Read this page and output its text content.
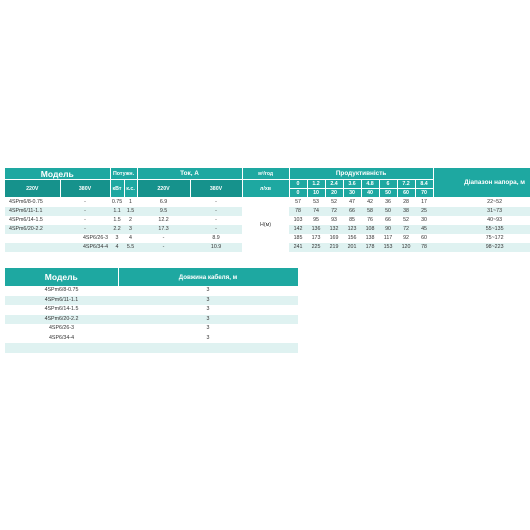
Модель		Потужн.		Ток, А		м³/год	Продуктивність								Діапазон напора, м
220V	380V	кВт	к.с.	220V	380V	л/хв	0	1.2	2.4	3.6	4.8	6	7.2	8.4	
							0	10	20	30	40	50	60	70	
4SPm6/8-0.75	-	0.75	1	6.9	-	H(м)	57	53	52	47	42	36	28	17	22~52
4SPm6/11-1.1	-	1.1	1.5	9.5	-		78	74	72	66	58	50	38	25	31~73
4SPm6/14-1.5	-	1.5	2	12.2	-		103	95	93	85	76	66	52	30	40~93
4SPm6/20-2.2	-	2.2	3	17.3	-		142	136	132	123	108	90	72	45	55~135
	4SP6/26-3	3	4	-	8.9		185	173	169	156	138	117	92	60	75~172
	4SP6/34-4	4	5.5	-	10.9		241	225	219	201	178	153	120	78	98~223
Модель	Довжина кабеля, м
4SPm6/8-0.75	3
4SPm6/11-1.1	3
4SPm6/14-1.5	3
4SPm6/20-2.2	3
4SP6/26-3	3
4SP6/34-4	3
